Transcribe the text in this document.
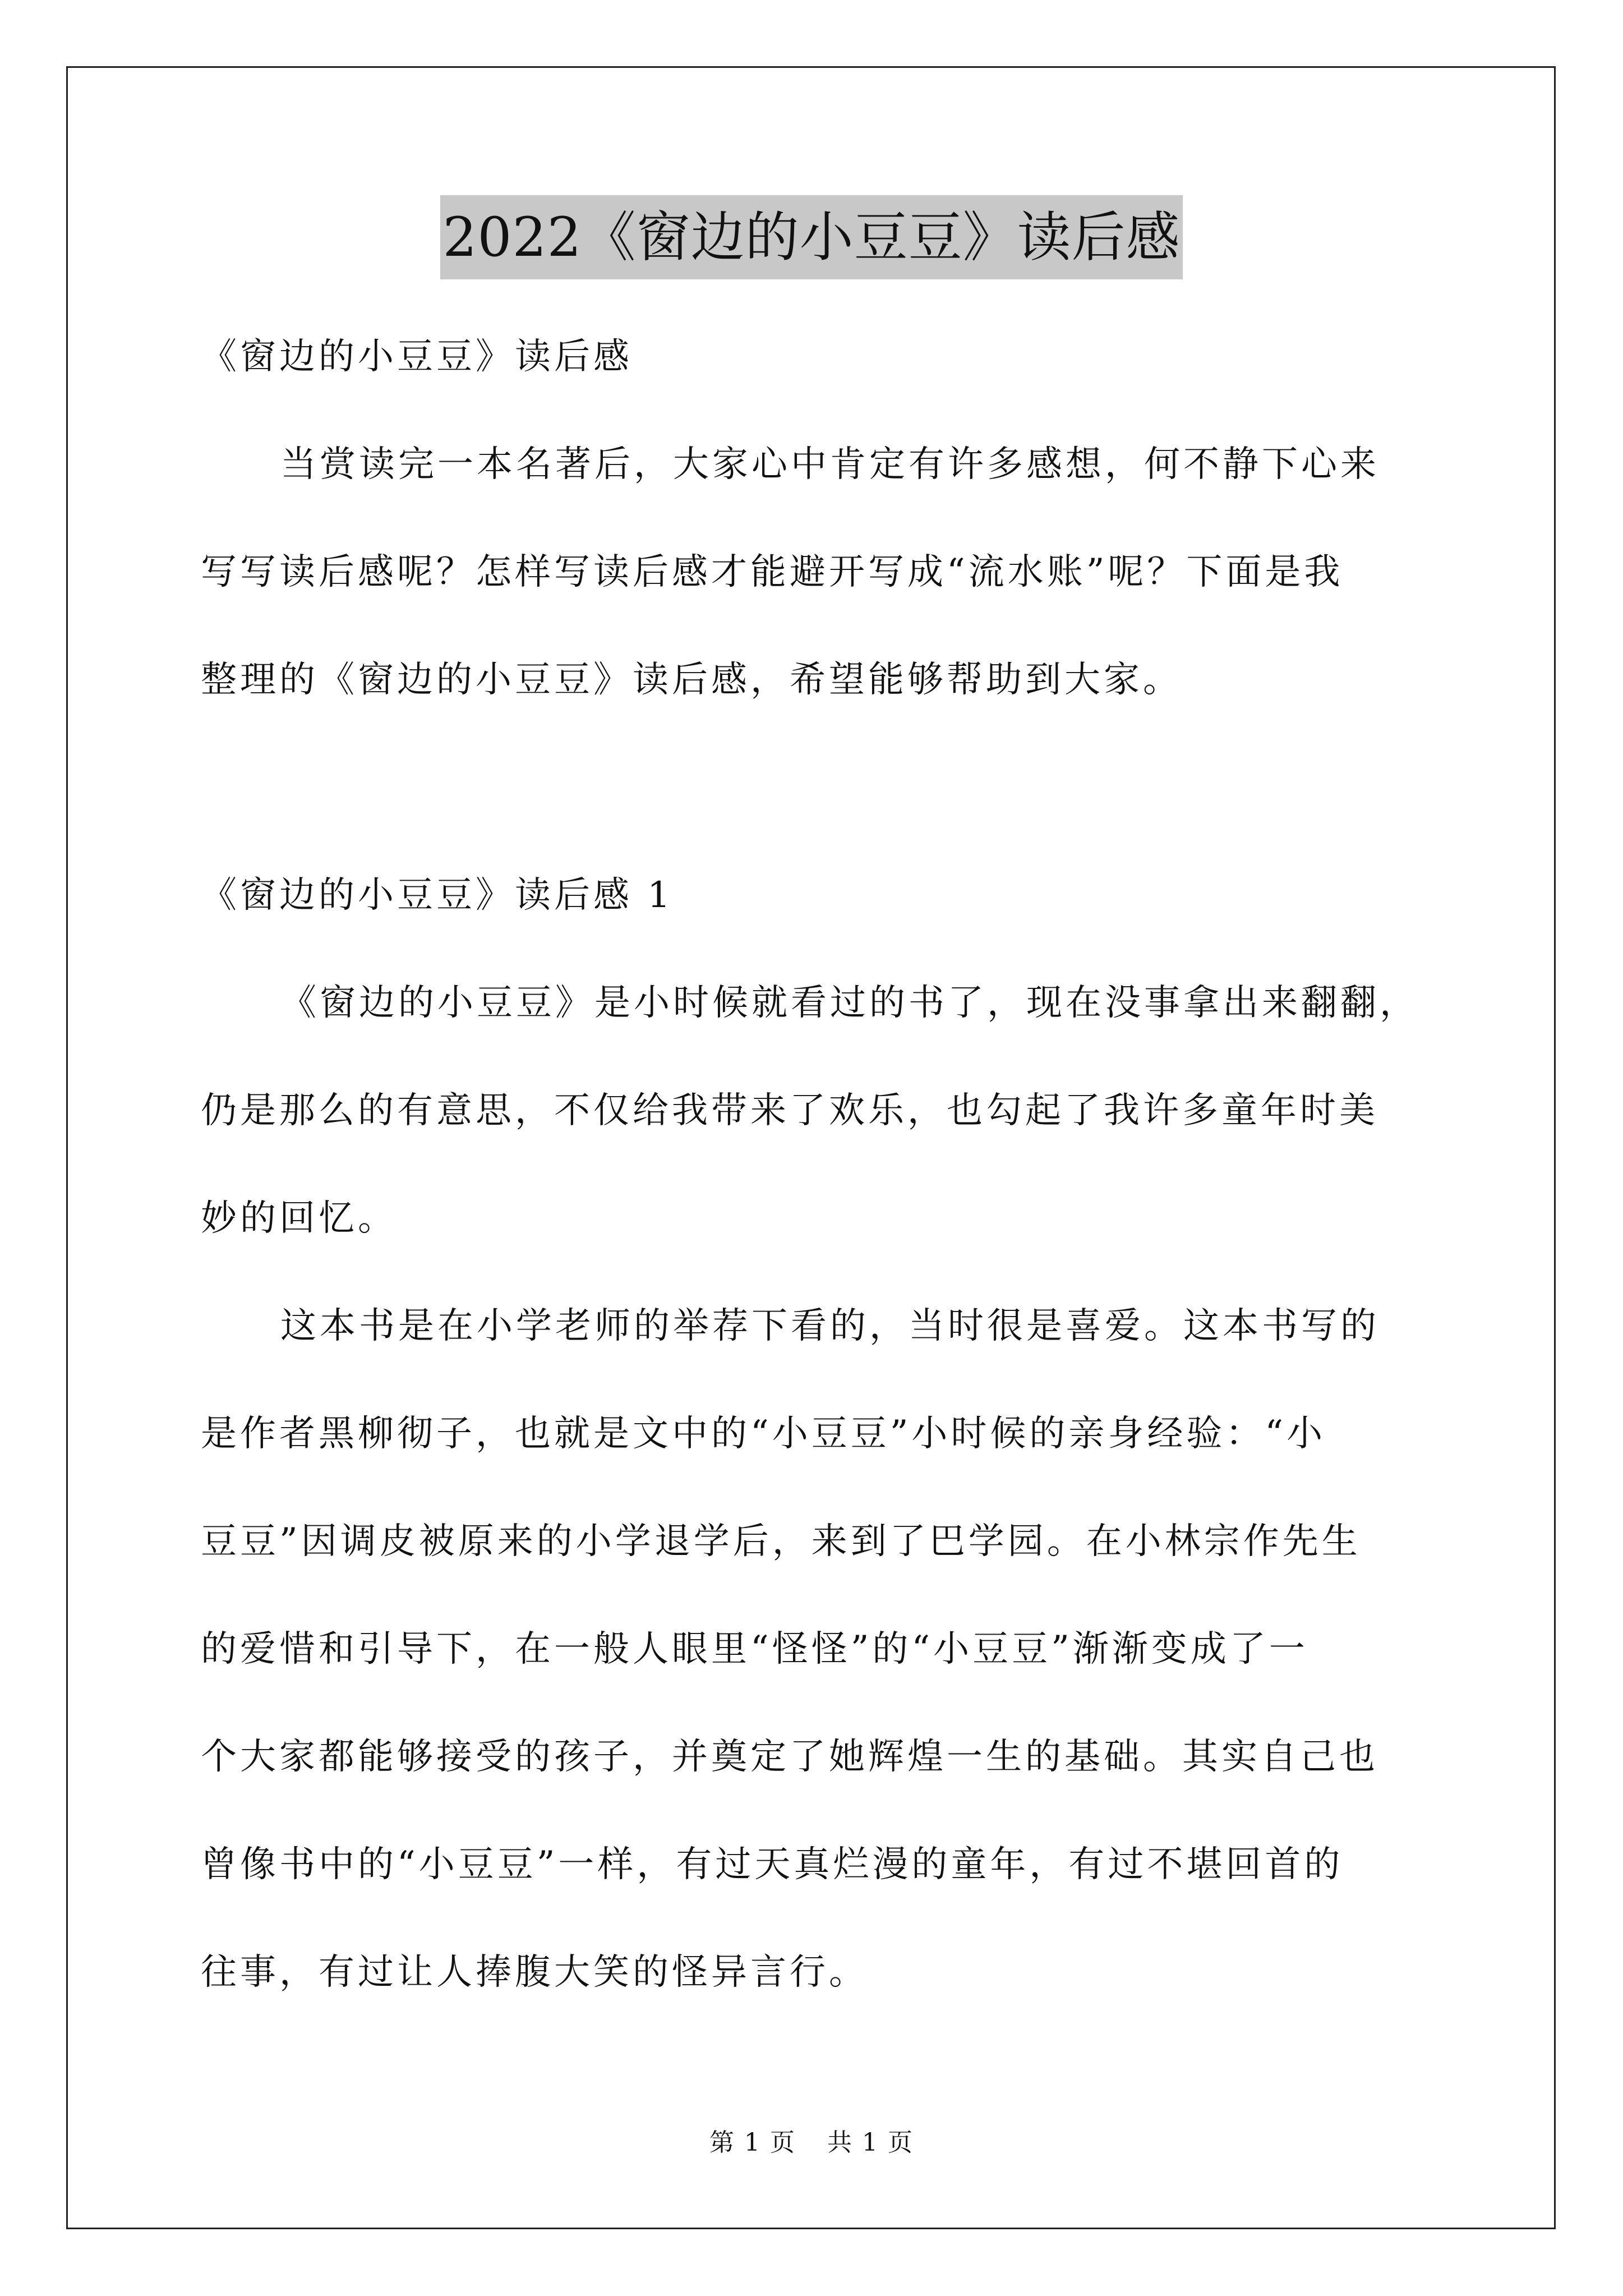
2022《窗边的小豆豆》读后感
《窗边的小豆豆》读后感
当赏读完一本名著后，大家心中肯定有许多感想，何不静下心来
写写读后感呢？怎样写读后感才能避开写成“流水账”呢？下面是我
整理的《窗边的小豆豆》读后感，希望能够帮助到大家。
《窗边的小豆豆》读后感 1
《窗边的小豆豆》是小时候就看过的书了，现在没事拿出来翻翻，
仍是那么的有意思，不仅给我带来了欢乐，也勾起了我许多童年时美
妙的回忆。
这本书是在小学老师的举荐下看的，当时很是喜爱。这本书写的
是作者黑柳彻子，也就是文中的“小豆豆”小时候的亲身经验：“小
豆豆”因调皮被原来的小学退学后，来到了巴学园。在小林宗作先生
的爱惜和引导下，在一般人眼里“怪怪”的“小豆豆”渐渐变成了一
个大家都能够接受的孩子，并奠定了她辉煌一生的基础。其实自己也
曾像书中的“小豆豆”一样，有过天真烂漫的童年，有过不堪回首的
往事，有过让人捧腹大笑的怪异言行。
第 1 页 共 1 页
